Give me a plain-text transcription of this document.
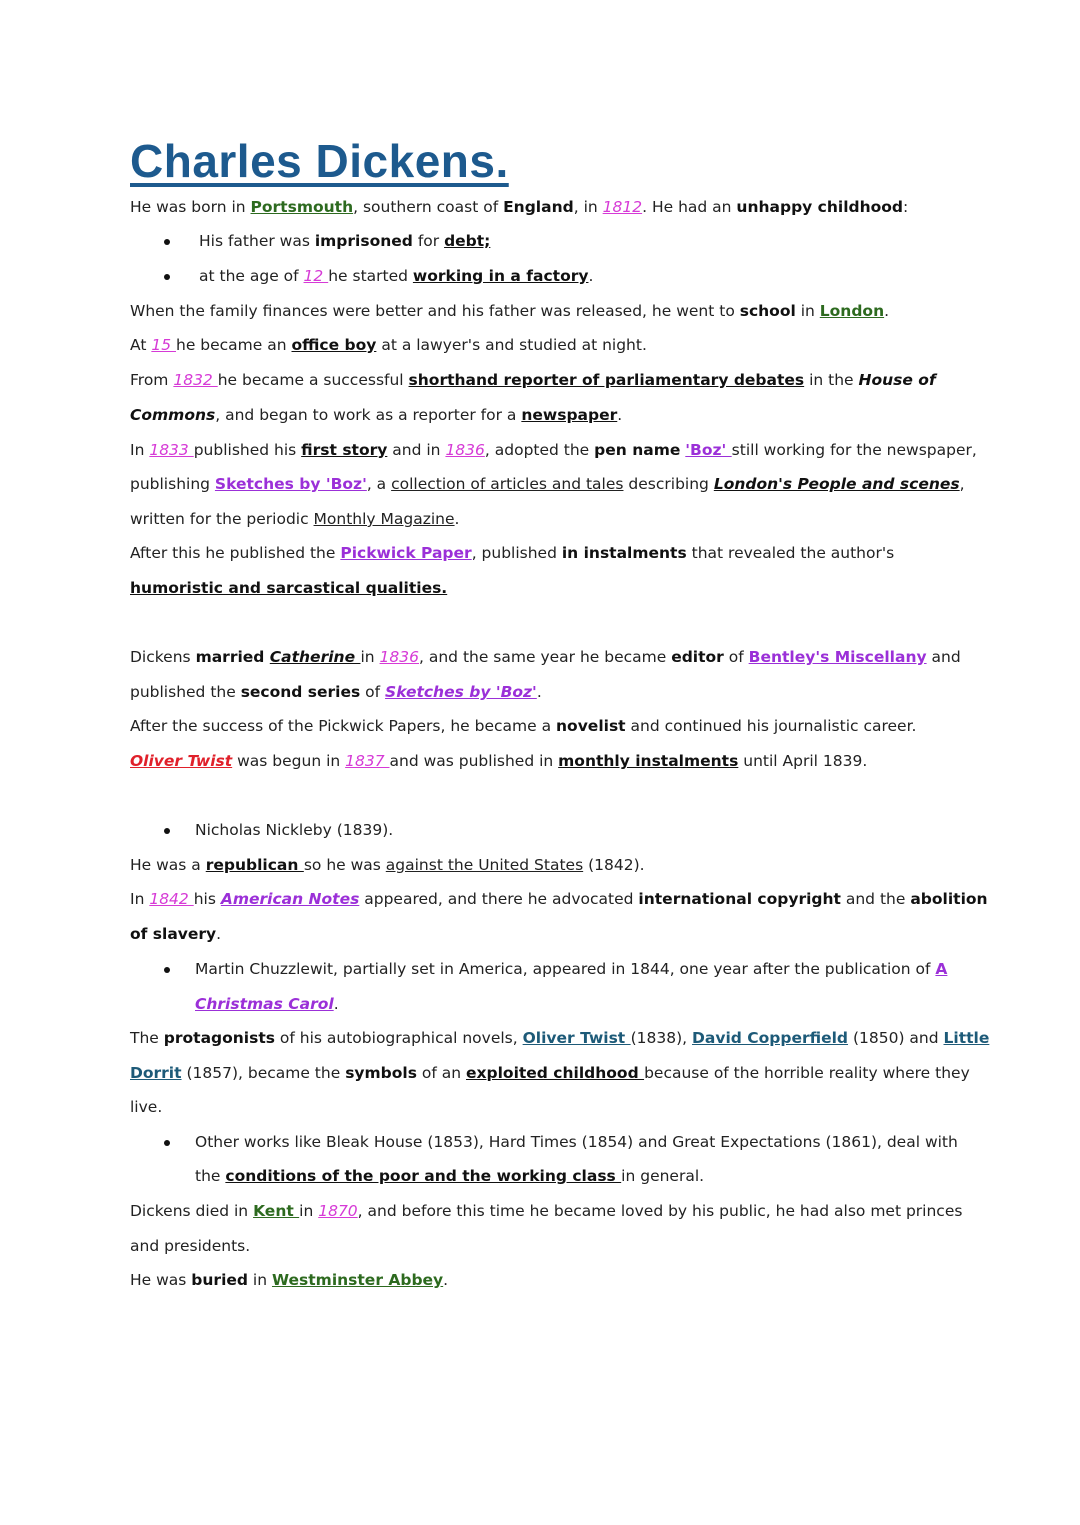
Charles Dickens.
He was born in Portsmouth, southern coast of England, in 1812. He had an unhappy childhood:
His father was imprisoned for debt;
at the age of 12 he started working in a factory.
When the family finances were better and his father was released, he went to school in London.
At 15 he became an office boy at a lawyer's and studied at night.
From 1832 he became a successful shorthand reporter of parliamentary debates in the House of
Commons, and began to work as a reporter for a newspaper.
In 1833 published his first story and in 1836, adopted the pen name 'Boz' still working for the newspaper,
publishing Sketches by 'Boz', a collection of articles and tales describing London's People and scenes,
written for the periodic Monthly Magazine.
After this he published the Pickwick Paper, published in instalments that revealed the author's
humoristic and sarcastical qualities.
Dickens married Catherine in 1836, and the same year he became editor of Bentley's Miscellany and
published the second series of Sketches by 'Boz'.
After the success of the Pickwick Papers, he became a novelist and continued his journalistic career.
Oliver Twist was begun in 1837 and was published in monthly instalments until April 1839.
Nicholas Nickleby (1839).
He was a republican so he was against the United States (1842).
In 1842 his American Notes appeared, and there he advocated international copyright and the abolition
of slavery.
Martin Chuzzlewit, partially set in America, appeared in 1844, one year after the publication of A
Christmas Carol.
The protagonists of his autobiographical novels, Oliver Twist (1838), David Copperfield (1850) and Little
Dorrit (1857), became the symbols of an exploited childhood because of the horrible reality where they
live.
Other works like Bleak House (1853), Hard Times (1854) and Great Expectations (1861), deal with
the conditions of the poor and the working class in general.
Dickens died in Kent in 1870, and before this time he became loved by his public, he had also met princes
and presidents.
He was buried in Westminster Abbey.
